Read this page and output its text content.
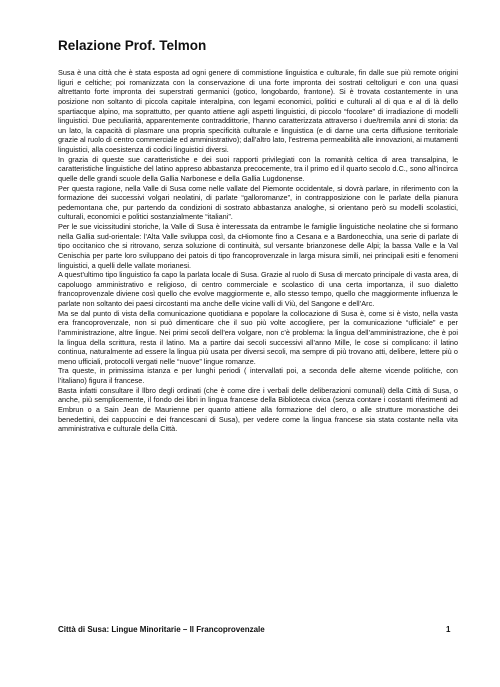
Relazione Prof. Telmon

Susa è una città che è stata esposta ad ogni genere di commistione linguistica e culturale, fin dalle sue più remote origini liguri e celtiche; poi romanizzata con la conservazione di una forte impronta dei sostrati celtoliguri e con una quasi altrettanto forte impronta dei superstrati germanici (gotico, longobardo, frantone). Si è trovata costantemente in una posizione non soltanto di piccola capitale interalpina, con legami economici, politici e culturali al di qua e al di là dello spartiacque alpino, ma soprattutto, per quanto attiene agli aspetti linguistici, di piccolo “focolare” di irradiazione di modelli linguistici. Due peculiarità, apparentemente contraddittorie, l’hanno caratterizzata attraverso i due/tremila anni di storia: da un lato, la capacità di plasmare una propria specificità culturale e linguistica (e di darne una certa diffusione territoriale grazie al ruolo di centro commerciale ed amministrativo); dall’altro lato, l’estrema permeabilità alle innovazioni, ai mutamenti linguistici, alla coesistenza di codici linguistici diversi.

In grazia di queste sue caratteristiche e dei suoi rapporti privilegiati con la romanità celtica di area transalpina, le caratteristiche linguistiche del latino appreso abbastanza precocemente, tra il primo ed il quarto secolo d.C., sono all’incirca quelle delle grandi scuole della Gallia Narbonese e della Gallia Lugdonense.

Per questa ragione, nella Valle di Susa come nelle vallate del Piemonte occidentale, si dovrà parlare, in riferimento con la formazione dei successivi volgari neolatini, di parlate “galloromanze”, in contrapposizione con le parlate della pianura pedemontana che, pur partendo da condizioni di sostrato abbastanza analoghe, si orientano però su modelli scolastici, culturali, economici e politici sostanzialmente “italiani”.

Per le sue vicissitudini storiche, la Valle di Susa è interessata da entrambe le famiglie linguistiche neolatine che si formano nella Gallia sud-orientale: l’Alta Valle sviluppa così, da cHiomonte fino a Cesana e a Bardonecchia, una serie di parlate di tipo occitanico che si ritrovano, senza soluzione di continuità, sul versante brianzonese delle Alpi; la bassa Valle e la Val Cenischia per parte loro sviluppano dei patois di tipo francoprovenzale in larga misura simili, nei principali esiti e fenomeni linguistici, a quelli delle vallate morianesi.

A quest’ultimo tipo linguistico fa capo la parlata locale di Susa. Grazie al ruolo di Susa di mercato principale di vasta area, di capoluogo amministrativo e religioso, di centro commerciale e scolastico di una certa importanza, il suo dialetto francoprovenzale diviene così quello che evolve maggiormente e, allo stesso tempo, quello che maggiormente influenza le parlate non soltanto dei paesi circostanti ma anche delle vicine valli di Viù, del Sangone e dell’Arc.

Ma se dal punto di vista della comunicazione quotidiana e popolare la collocazione di Susa è, come si è visto, nella vasta era francoprovenzale, non si può dimenticare che il suo più volte accogliere, per la comunicazione “ufficiale” e per l’amministrazione, altre lingue. Nei primi secoli dell’era volgare, non c’è problema: la lingua dell’amministrazione, che è poi la lingua della scrittura, resta il latino. Ma a partire dai secoli successivi all’anno Mille, le cose si complicano: il latino continua, naturalmente ad essere la lingua più usata per diversi secoli, ma sempre di più trovano atti, delibere, lettere più o meno ufficiali, protocolli vergati nelle “nuove” lingue romanze.

Tra queste, in primissima istanza e per lunghi periodi ( intervallati poi, a seconda delle alterne vicende politiche, con l’italiano) figura il francese.

Basta infatti consultare il llbro degli ordinati (che è come dire i verbali delle deliberazioni comunali) della Città di Susa, o anche, più semplicemente, il fondo dei libri in lingua francese della Biblioteca civica (senza contare i costanti riferimenti ad Embrun o a Sain Jean de Maurienne per quanto attiene alla formazione del clero, o alle strutture monastiche dei benedettini, dei cappuccini e dei francescani di Susa), per vedere come la lingua francese sia stata costante nella vita amministrativa e culturale della Città.

Città di Susa: Lingue Minoritarie – Il Francoprovenzale	1
